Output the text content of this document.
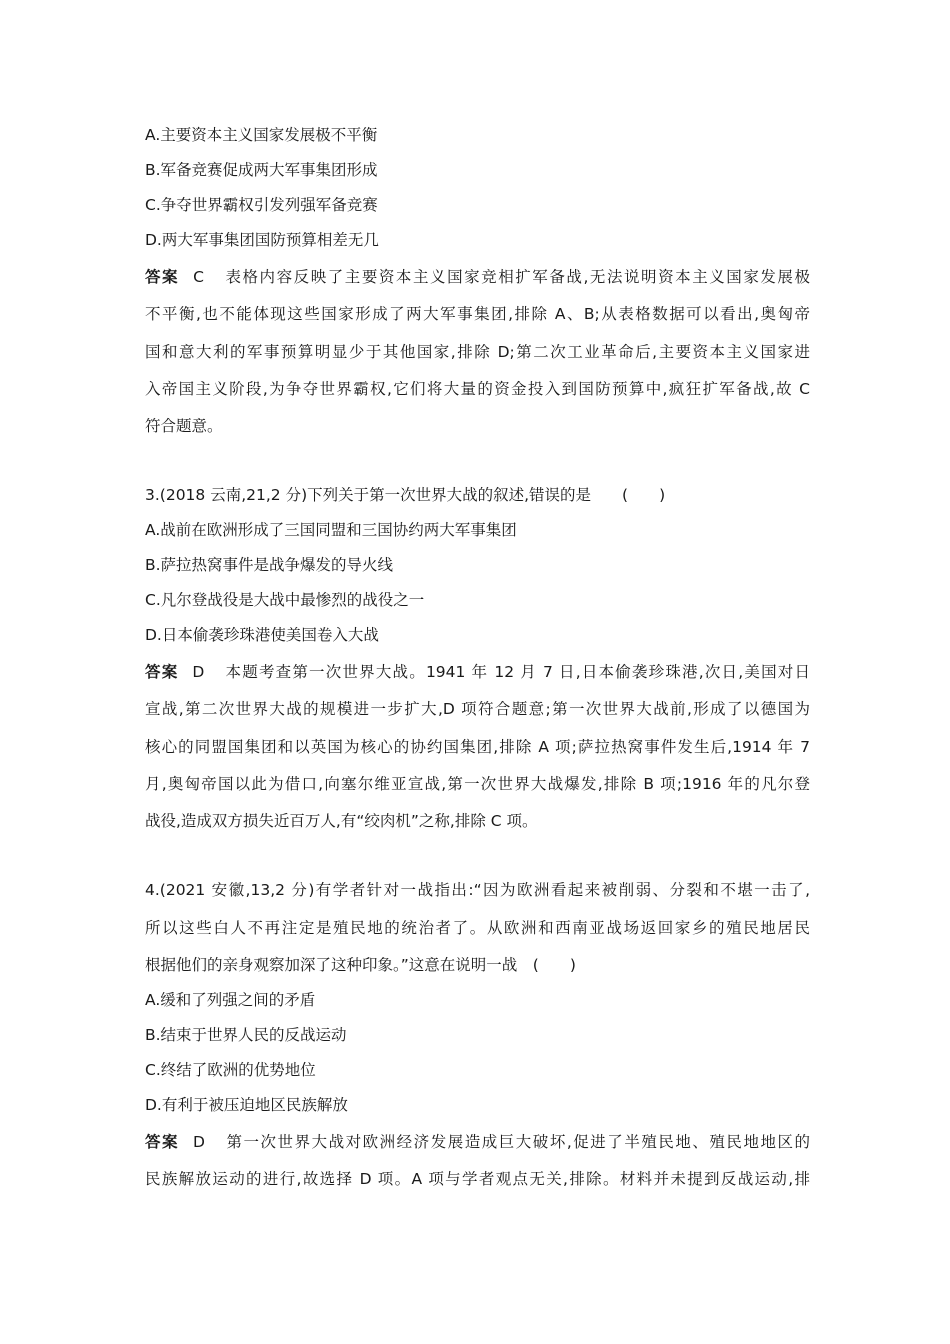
A.主要资本主义国家发展极不平衡
B.军备竞赛促成两大军事集团形成
C.争夺世界霸权引发列强军备竞赛
D.两大军事集团国防预算相差无几
答案 C 表格内容反映了主要资本主义国家竞相扩军备战,无法说明资本主义国家发展极
不平衡,也不能体现这些国家形成了两大军事集团,排除 A、B;从表格数据可以看出,奥匈帝
国和意大利的军事预算明显少于其他国家,排除 D;第二次工业革命后,主要资本主义国家进
入帝国主义阶段,为争夺世界霸权,它们将大量的资金投入到国防预算中,疯狂扩军备战,故 C
符合题意。
3.(2018 云南,21,2 分)下列关于第一次世界大战的叙述,错误的是　　(　　)
A.战前在欧洲形成了三国同盟和三国协约两大军事集团
B.萨拉热窝事件是战争爆发的导火线
C.凡尔登战役是大战中最惨烈的战役之一
D.日本偷袭珍珠港使美国卷入大战
答案 D 本题考查第一次世界大战。1941 年 12 月 7 日,日本偷袭珍珠港,次日,美国对日
宣战,第二次世界大战的规模进一步扩大,D 项符合题意;第一次世界大战前,形成了以德国为
核心的同盟国集团和以英国为核心的协约国集团,排除 A 项;萨拉热窝事件发生后,1914 年 7
月,奥匈帝国以此为借口,向塞尔维亚宣战,第一次世界大战爆发,排除 B 项;1916 年的凡尔登
战役,造成双方损失近百万人,有“绞肉机”之称,排除 C 项。
4.(2021 安徽,13,2 分)有学者针对一战指出:“因为欧洲看起来被削弱、分裂和不堪一击了,
所以这些白人不再注定是殖民地的统治者了。从欧洲和西南亚战场返回家乡的殖民地居民
根据他们的亲身观察加深了这种印象。”这意在说明一战　(　　)
A.缓和了列强之间的矛盾
B.结束于世界人民的反战运动
C.终结了欧洲的优势地位
D.有利于被压迫地区民族解放
答案 D 第一次世界大战对欧洲经济发展造成巨大破坏,促进了半殖民地、殖民地地区的
民族解放运动的进行,故选择 D 项。A 项与学者观点无关,排除。材料并未提到反战运动,排
